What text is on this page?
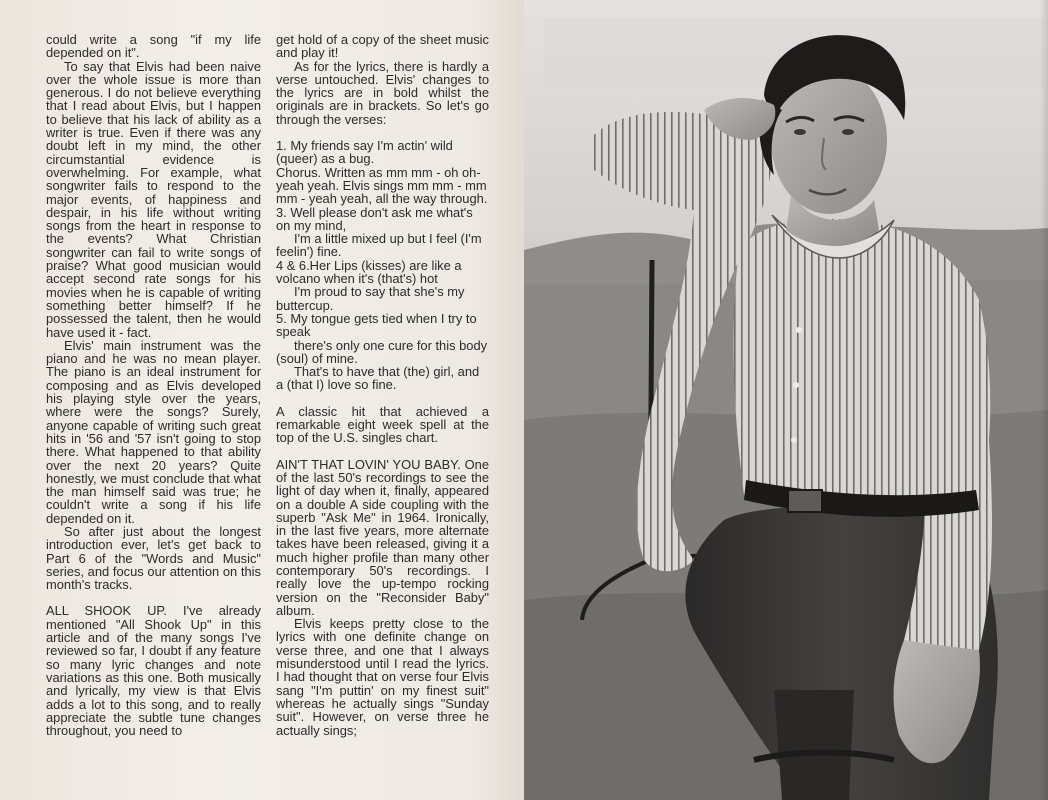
could write a song "if my life depended on it".

To say that Elvis had been naive over the whole issue is more than generous. I do not believe everything that I read about Elvis, but I happen to believe that his lack of ability as a writer is true. Even if there was any doubt left in my mind, the other circumstantial evidence is overwhelming. For example, what songwriter fails to respond to the major events, of happiness and despair, in his life without writing songs from the heart in response to the events? What Christian songwriter can fail to write songs of praise? What good musician would accept second rate songs for his movies when he is capable of writing something better himself? If he possessed the talent, then he would have used it - fact.

Elvis' main instrument was the piano and he was no mean player. The piano is an ideal instrument for composing and as Elvis developed his playing style over the years, where were the songs? Surely, anyone capable of writing such great hits in '56 and '57 isn't going to stop there. What happened to that ability over the next 20 years? Quite honestly, we must conclude that what the man himself said was true; he couldn't write a song if his life depended on it.

So after just about the longest introduction ever, let's get back to Part 6 of the "Words and Music" series, and focus our attention on this month's tracks.

ALL SHOOK UP. I've already mentioned "All Shook Up" in this article and of the many songs I've reviewed so far, I doubt if any feature so many lyric changes and note variations as this one. Both musically and lyrically, my view is that Elvis adds a lot to this song, and to really appreciate the subtle tune changes throughout, you need to

get hold of a copy of the sheet music and play it!

As for the lyrics, there is hardly a verse untouched. Elvis' changes to the lyrics are in bold whilst the originals are in brackets. So let's go through the verses:

1. My friends say I'm actin' wild (queer) as a bug.

Chorus. Written as mm mm - oh oh-

yeah yeah. Elvis sings mm mm - mm mm - yeah yeah, all the way through.

3. Well please don't ask me what's on my mind,

I'm a little mixed up but I feel (I'm feelin') fine.

4 & 6.Her Lips (kisses) are like a volcano when it's (that's) hot

I'm proud to say that she's my buttercup.

5. My tongue gets tied when I try to speak

there's only one cure for this body (soul) of mine.

That's to have that (the) girl, and a (that I) love so fine.

A classic hit that achieved a remarkable eight week spell at the top of the U.S. singles chart.

AIN'T THAT LOVIN' YOU BABY. One of the last 50's recordings to see the light of day when it, finally, appeared on a double A side coupling with the superb "Ask Me" in 1964. Ironically, in the last five years, more alternate takes have been released, giving it a much higher profile than many other contemporary 50's recordings. I really love the up-tempo rocking version on the "Reconsider Baby" album.

Elvis keeps pretty close to the lyrics with one definite change on verse three, and one that I always misunderstood until I read the lyrics. I had thought that on verse four Elvis sang "I'm puttin' on my finest suit" whereas he actually sings "Sunday suit". However, on verse three he actually sings;
